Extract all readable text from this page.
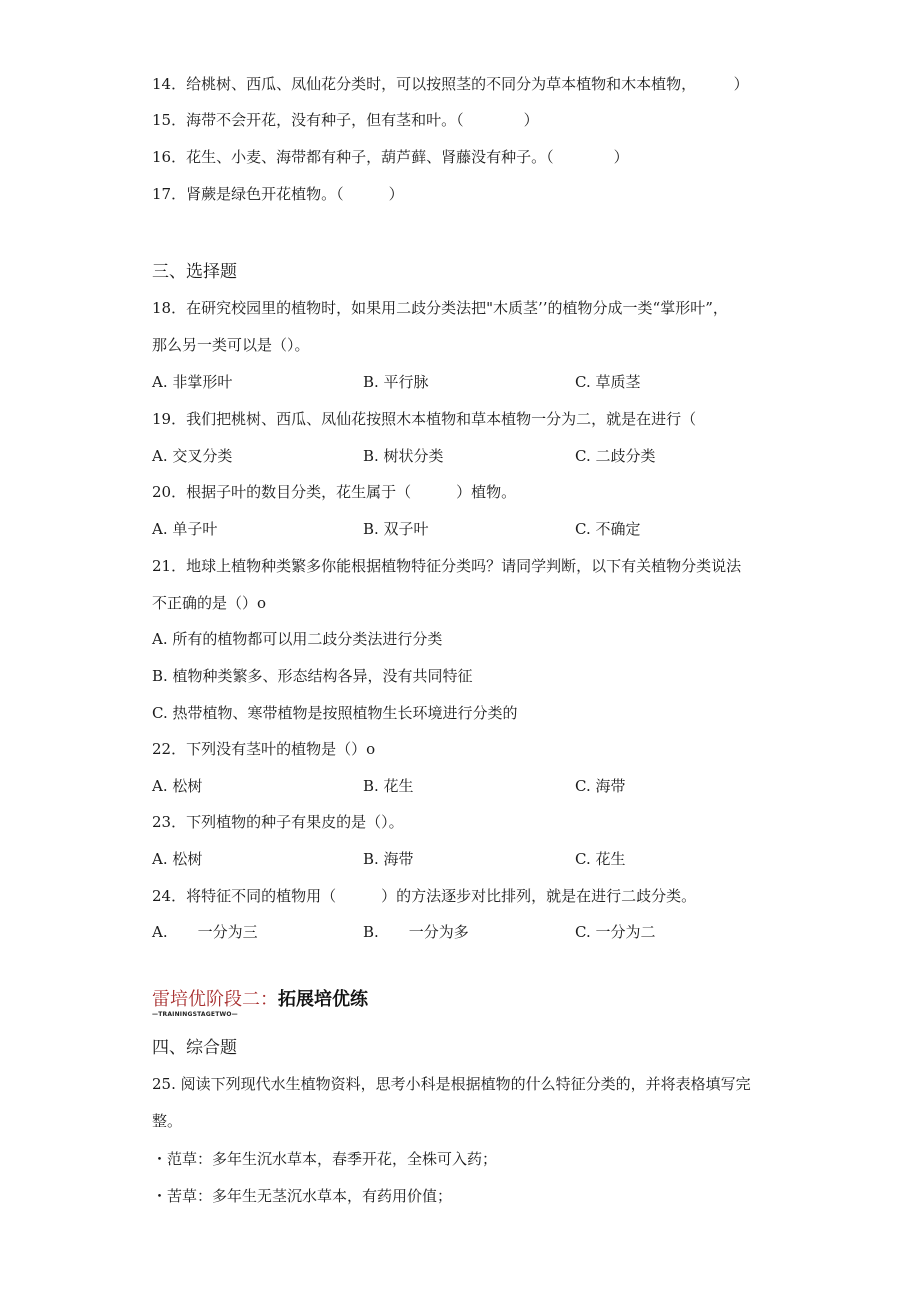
14．给桃树、西瓜、凤仙花分类时，可以按照茎的不同分为草本植物和木本植物，　　　）
15．海带不会开花，没有种子，但有茎和叶。（　　　　）
16．花生、小麦、海带都有种子，葫芦藓、肾藤没有种子。（　　　　）
17．肾蕨是绿色开花植物。（　　　）
三、选择题
18．在研究校园里的植物时，如果用二歧分类法把"木质茎’’的植物分成一类“掌形叶”，
那么另一类可以是（）。
A. 非掌形叶	B. 平行脉	C. 草质茎
19．我们把桃树、西瓜、凤仙花按照木本植物和草本植物一分为二，就是在进行（
A. 交叉分类	B. 树状分类	C. 二歧分类
20．根据子叶的数目分类，花生属于（　　　）植物。
A. 单子叶	B. 双子叶	C. 不确定
21．地球上植物种类繁多你能根据植物特征分类吗？请同学判断，以下有关植物分类说法
不正确的是（）o
A. 所有的植物都可以用二歧分类法进行分类
B. 植物种类繁多、形态结构各异，没有共同特征
C. 热带植物、寒带植物是按照植物生长环境进行分类的
22．下列没有茎叶的植物是（）o
A. 松树	B. 花生	C. 海带
23．下列植物的种子有果皮的是（）。
A. 松树	B. 海带	C. 花生
24．将特征不同的植物用（　　　）的方法逐步对比排列，就是在进行二歧分类。
A.　　一分为三	B.　　一分为多	C. 一分为二
雷培优阶段二：拓展培优练
—TRAININGSTAGETWO—
四、综合题
25. 阅读下列现代水生植物资料，思考小科是根据植物的什么特征分类的，并将表格填写完
整。
・范草：多年生沉水草本，春季开花，全株可入药；
・苦草：多年生无茎沉水草本，有药用价值；
